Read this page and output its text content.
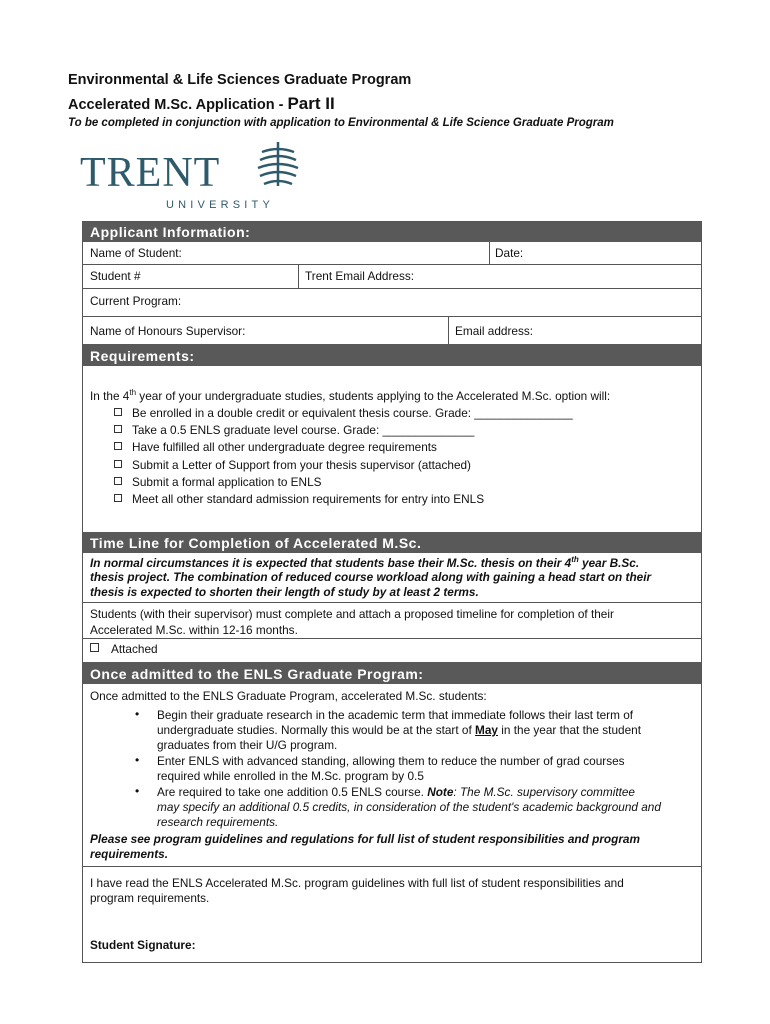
Environmental & Life Sciences Graduate Program
Accelerated M.Sc. Application - Part II
To be completed in conjunction with application to Environmental & Life Science Graduate Program
TRENT
UNIVERSITY
Applicant Information:
Name of Student:	Date:
Student #	Trent Email Address:
Current Program:
Name of Honours Supervisor:	Email address:
Requirements:
In the 4th year of your undergraduate studies, students applying to the Accelerated M.Sc. option will:
Be enrolled in a double credit or equivalent thesis course. Grade: _______________
Take a 0.5 ENLS graduate level course. Grade: ______________
Have fulfilled all other undergraduate degree requirements
Submit a Letter of Support from your thesis supervisor (attached)
Submit a formal application to ENLS
Meet all other standard admission requirements for entry into ENLS
Time Line for Completion of Accelerated M.Sc.
In normal circumstances it is expected that students base their M.Sc. thesis on their 4th year B.Sc.
thesis project. The combination of reduced course workload along with gaining a head start on their
thesis is expected to shorten their length of study by at least 2 terms.
Students (with their supervisor) must complete and attach a proposed timeline for completion of their
Accelerated M.Sc. within 12-16 months.
Attached
Once admitted to the ENLS Graduate Program:
Once admitted to the ENLS Graduate Program, accelerated M.Sc. students:
• Begin their graduate research in the academic term that immediate follows their last term of
undergraduate studies. Normally this would be at the start of May in the year that the student
graduates from their U/G program.
• Enter ENLS with advanced standing, allowing them to reduce the number of grad courses
required while enrolled in the M.Sc. program by 0.5
• Are required to take one addition 0.5 ENLS course. Note: The M.Sc. supervisory committee
may specify an additional 0.5 credits, in consideration of the student's academic background and
research requirements.
Please see program guidelines and regulations for full list of student responsibilities and program
requirements.
I have read the ENLS Accelerated M.Sc. program guidelines with full list of student responsibilities and
program requirements.
Student Signature:
